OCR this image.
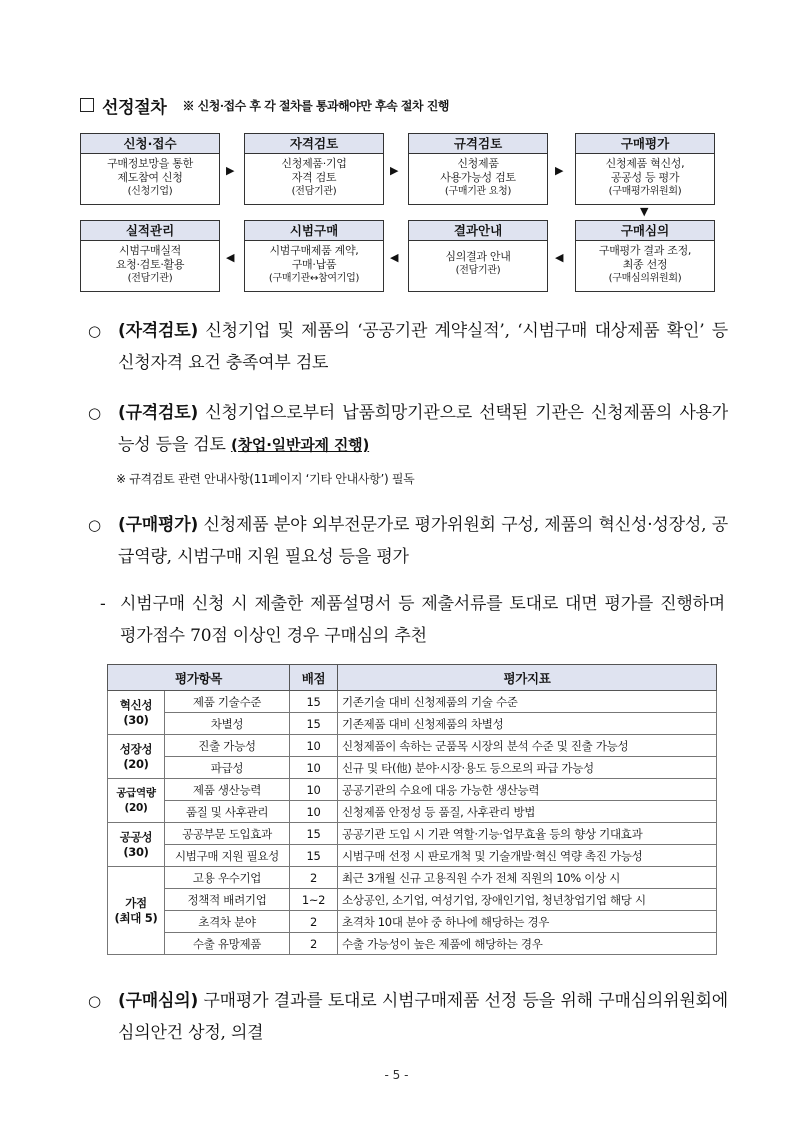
선정절차 ※ 신청·접수 후 각 절차를 통과해야만 후속 절차 진행
신청·접수
구매정보망을 통한
제도참여 신청
(신청기업)
▶
자격검토
신청제품·기업
자격 검토
(전담기관)
▶
규격검토
신청제품
사용가능성 검토
(구매기관 요청)
▶
구매평가
신청제품 혁신성,
공공성 등 평가
(구매평가위원회)
▼
실적관리
시범구매실적
요청·검토·활용
(전담기관)
◀
시범구매
시범구매제품 계약,
구매·납품
(구매기관↔참여기업)
◀
결과안내
심의결과 안내
(전담기관)
◀
구매심의
구매평가 결과 조정,
최종 선정
(구매심의위원회)
○	(자격검토) 신청기업 및 제품의 ‘공공기관 계약실적’, ‘시범구매 대상제품 확인’ 등 신청자격 요건 충족여부 검토
○	(규격검토) 신청기업으로부터 납품희망기관으로 선택된 기관은 신청제품의 사용가능성 등을 검토 (창업·일반과제 진행)
※ 규격검토 관련 안내사항(11페이지 ‘기타 안내사항’) 필독
○	(구매평가) 신청제품 분야 외부전문가로 평가위원회 구성, 제품의 혁신성·성장성, 공급역량, 시범구매 지원 필요성 등을 평가
- 시범구매 신청 시 제출한 제품설명서 등 제출서류를 토대로 대면 평가를 진행하며 평가점수 70점 이상인 경우 구매심의 추천
평가항목		배점	평가지표

혁신성
(30)	제품 기술수준	15	기존기술 대비 신청제품의 기술 수준
	차별성	15	기존제품 대비 신청제품의 차별성

성장성
(20)	진출 가능성	10	신청제품이 속하는 군품목 시장의 분석 수준 및 진출 가능성
	파급성	10	신규 및 타(他) 분야·시장·용도 등으로의 파급 가능성

공급역량
(20)	제품 생산능력	10	공공기관의 수요에 대응 가능한 생산능력
	품질 및 사후관리	10	신청제품 안정성 등 품질, 사후관리 방법

공공성
(30)	공공부문 도입효과	15	공공기관 도입 시 기관 역할·기능·업무효율 등의 향상 기대효과
	시범구매 지원 필요성	15	시범구매 선정 시 판로개척 및 기술개발·혁신 역량 촉진 가능성

가점
(최대 5)	고용 우수기업	2	최근 3개월 신규 고용직원 수가 전체 직원의 10% 이상 시
	정책적 배려기업	1~2	소상공인, 소기업, 여성기업, 장애인기업, 청년창업기업 해당 시
	초격차 분야	2	초격차 10대 분야 중 하나에 해당하는 경우
	수출 유망제품	2	수출 가능성이 높은 제품에 해당하는 경우
○	(구매심의) 구매평가 결과를 토대로 시범구매제품 선정 등을 위해 구매심의위원회에 심의안건 상정, 의결
- 5 -
